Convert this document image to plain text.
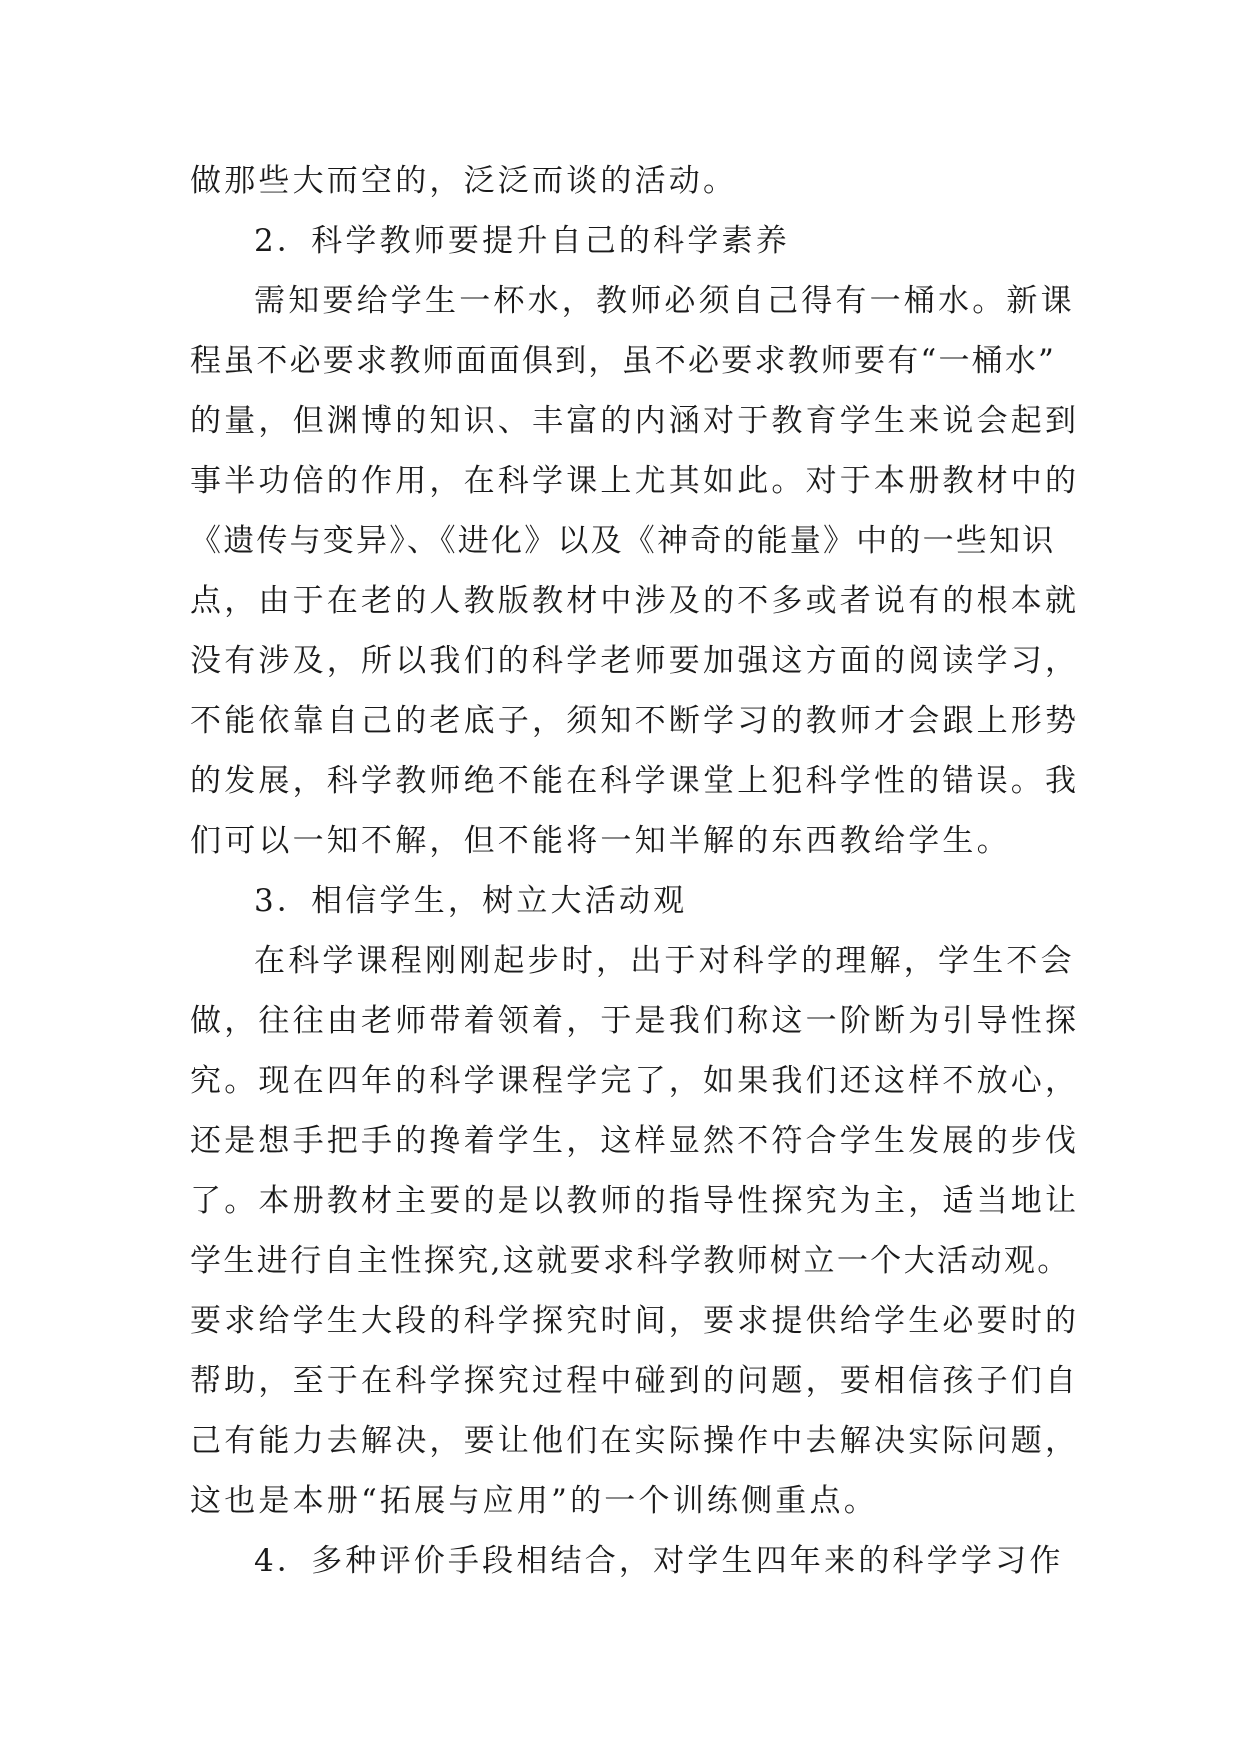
做那些大而空的，泛泛而谈的活动。
2．科学教师要提升自己的科学素养
需知要给学生一杯水，教师必须自己得有一桶水。新课
程虽不必要求教师面面俱到，虽不必要求教师要有“一桶水”
的量，但渊博的知识、丰富的内涵对于教育学生来说会起到
事半功倍的作用，在科学课上尤其如此。对于本册教材中的
《遗传与变异》、《进化》以及《神奇的能量》中的一些知识
点，由于在老的人教版教材中涉及的不多或者说有的根本就
没有涉及，所以我们的科学老师要加强这方面的阅读学习，
不能依靠自己的老底子，须知不断学习的教师才会跟上形势
的发展，科学教师绝不能在科学课堂上犯科学性的错误。我
们可以一知不解，但不能将一知半解的东西教给学生。
3．相信学生，树立大活动观
在科学课程刚刚起步时，出于对科学的理解，学生不会
做，往往由老师带着领着，于是我们称这一阶断为引导性探
究。现在四年的科学课程学完了，如果我们还这样不放心，
还是想手把手的搀着学生，这样显然不符合学生发展的步伐
了。本册教材主要的是以教师的指导性探究为主，适当地让
学生进行自主性探究,这就要求科学教师树立一个大活动观。
要求给学生大段的科学探究时间，要求提供给学生必要时的
帮助，至于在科学探究过程中碰到的问题，要相信孩子们自
己有能力去解决，要让他们在实际操作中去解决实际问题，
这也是本册“拓展与应用”的一个训练侧重点。
4．多种评价手段相结合，对学生四年来的科学学习作
